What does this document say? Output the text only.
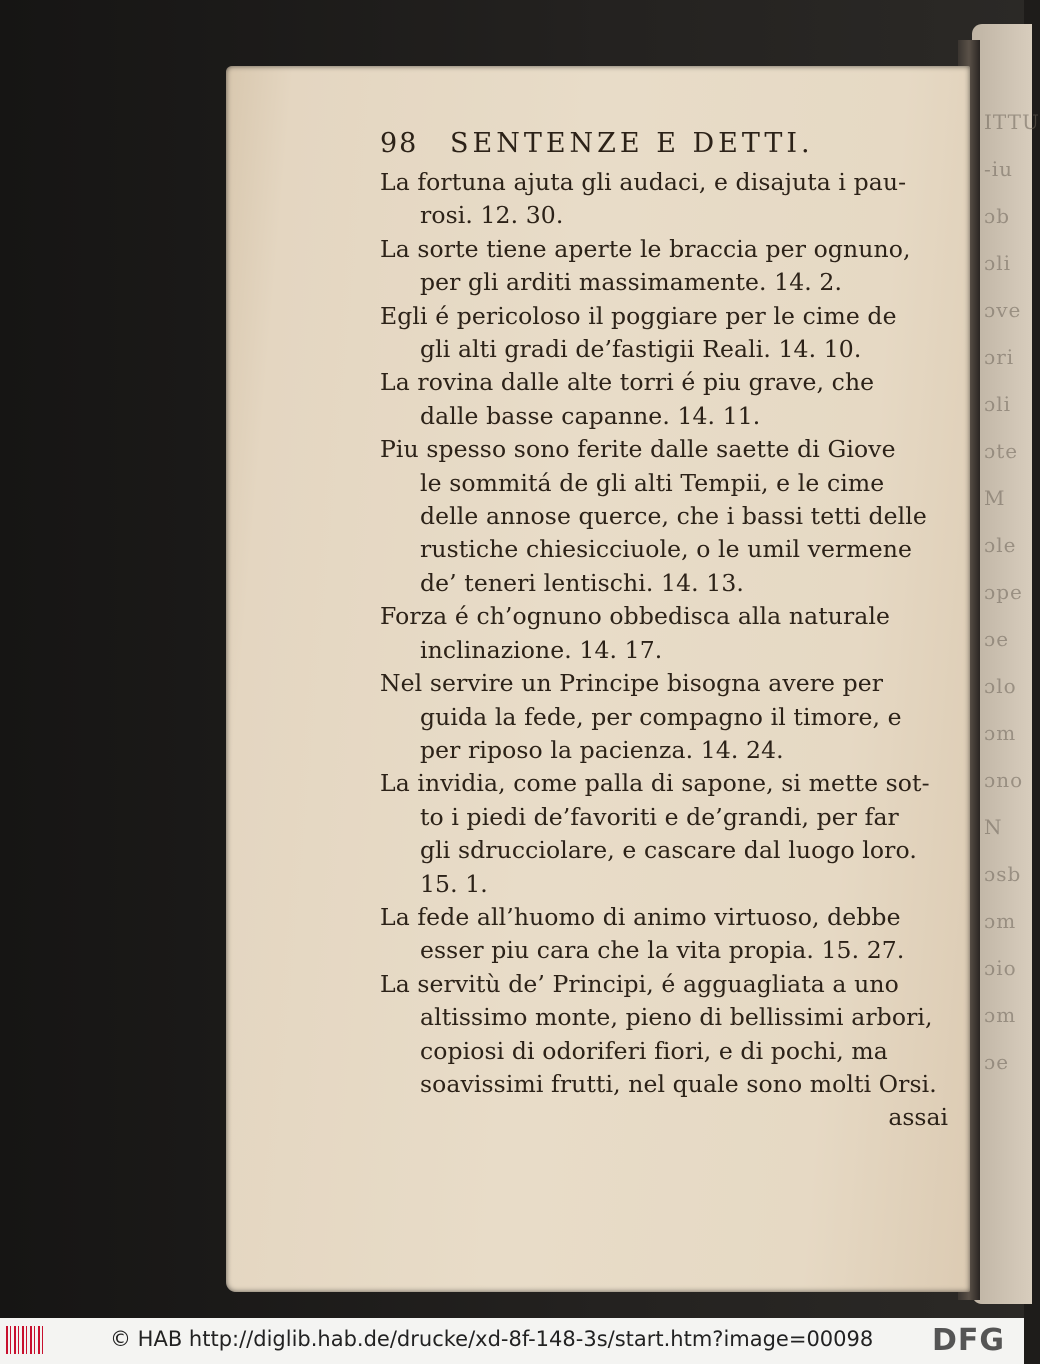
ITTU
-iu
ɔb
ɔli
ɔve
ɔri
ɔli
ɔte
M
ɔle
ɔpe
ɔe
ɔlo
ɔm
ɔno
N
ɔsb
ɔm
ɔio
ɔm
ɔe
98	SENTENZE E DETTI.
La fortuna ajuta gli audaci, e disajuta i pau-
rosi. 12. 30.
La sorte tiene aperte le braccia per ognuno,
per gli arditi massimamente. 14. 2.
Egli é pericoloso il poggiare per le cime de
gli alti gradi de’fastigii Reali. 14. 10.
La rovina dalle alte torri é piu grave, che
dalle basse capanne. 14. 11.
Piu spesso sono ferite dalle saette di Giove
le sommitá de gli alti Tempii, e le cime
delle annose querce, che i bassi tetti delle
rustiche chiesicciuole, o le umil vermene
de’ teneri lentischi. 14. 13.
Forza é ch’ognuno obbedisca alla naturale
inclinazione. 14. 17.
Nel servire un Principe bisogna avere per
guida la fede, per compagno il timore, e
per riposo la pacienza. 14. 24.
La invidia, come palla di sapone, si mette sot-
to i piedi de’favoriti e de’grandi, per far
gli sdrucciolare, e cascare dal luogo loro.
15. 1.
La fede all’huomo di animo virtuoso, debbe
esser piu cara che la vita propia. 15. 27.
La servitù de’ Principi, é agguagliata a uno
altissimo monte, pieno di bellissimi arbori,
copiosi di odoriferi fiori, e di pochi, ma
soavissimi frutti, nel quale sono molti Orsi.
assai
© HAB http://diglib.hab.de/drucke/xd-8f-148-3s/start.htm?image=00098 DFG
